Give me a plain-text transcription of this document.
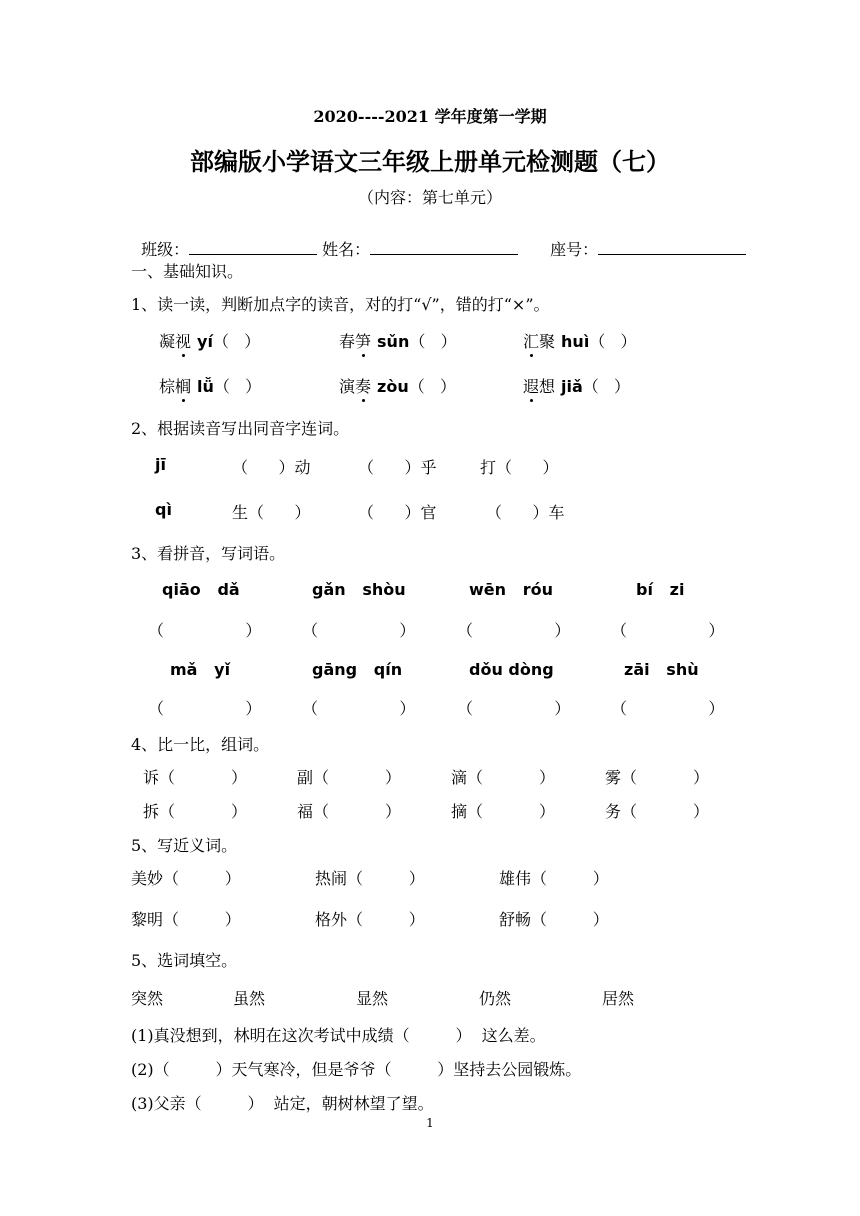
2020----2021 学年度第一学期
部编版小学语文三年级上册单元检测题（七）
（内容：第七单元）

班级：	姓名：	座号：

一、基础知识。
1、读一读，判断加点字的读音，对的打“√”，错的打“×”。
凝视 yí（   ）	春笋 sǔn（   ）	汇聚 huì（   ）
棕榈 lǚ（   ）	演奏 zòu（   ）	遐想 jiǎ（   ）
2、根据读音写出同音字连词。
jī	（      ）动	（      ）乎	打（      ）
qì	生（      ）	（      ）官	（      ）车
3、看拼音，写词语。
qiāo   dǎ	gǎn   shòu	wēn   róu	bí   zi
（                ）	（                ）	（                ）	（                ）
mǎ   yǐ	gāng   qín	dǒu dòng	zāi   shù
（                ）	（                ）	（                ）	（                ）
4、比一比，组词。
诉（           ）	副（           ）	滴（           ）	雾（           ）
拆（           ）	福（           ）	摘（           ）	务（           ）
5、写近义词。
美妙（         ）	热闹（         ）	雄伟（         ）
黎明（         ）	格外（         ）	舒畅（         ）
5、选词填空。
突然	虽然	显然	仍然	居然
(1)真没想到，林明在这次考试中成绩（         ）  这么差。
(2)（         ）天气寒冷，但是爷爷（         ）坚持去公园锻炼。
(3)父亲（         ）  站定，朝树林望了望。
1
